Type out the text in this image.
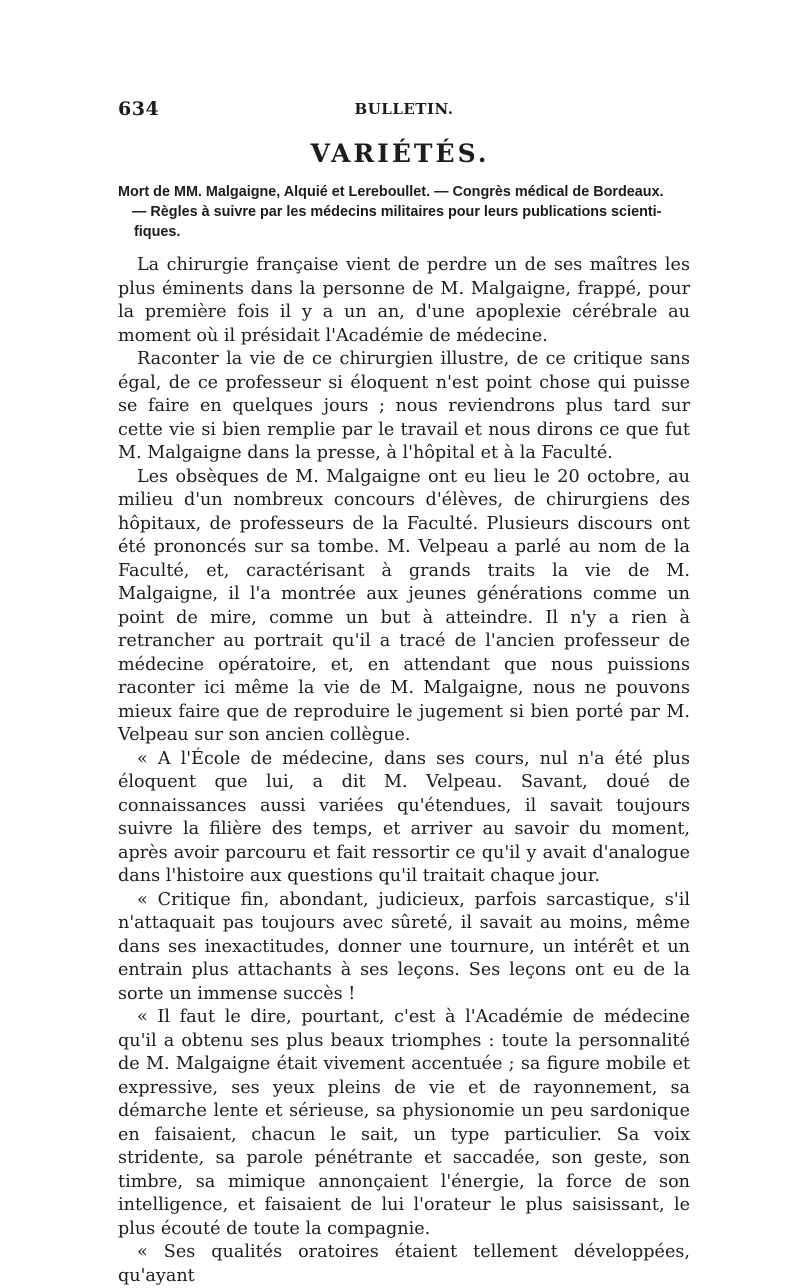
634	BULLETIN.
VARIÉTÉS.
Mort de MM. Malgaigne, Alquié et Lereboullet. — Congrès médical de Bordeaux.
— Règles à suivre par les médecins militaires pour leurs publications scienti-
fiques.

La chirurgie française vient de perdre un de ses maîtres les plus éminents dans la personne de M. Malgaigne, frappé, pour la première fois il y a un an, d'une apoplexie cérébrale au moment où il présidait l'Académie de médecine.

Raconter la vie de ce chirurgien illustre, de ce critique sans égal, de ce professeur si éloquent n'est point chose qui puisse se faire en quelques jours ; nous reviendrons plus tard sur cette vie si bien remplie par le travail et nous dirons ce que fut M. Malgaigne dans la presse, à l'hôpital et à la Faculté.

Les obsèques de M. Malgaigne ont eu lieu le 20 octobre, au milieu d'un nombreux concours d'élèves, de chirurgiens des hôpitaux, de professeurs de la Faculté. Plusieurs discours ont été prononcés sur sa tombe. M. Velpeau a parlé au nom de la Faculté, et, caractérisant à grands traits la vie de M. Malgaigne, il l'a montrée aux jeunes générations comme un point de mire, comme un but à atteindre. Il n'y a rien à retrancher au portrait qu'il a tracé de l'ancien professeur de médecine opératoire, et, en attendant que nous puissions raconter ici même la vie de M. Malgaigne, nous ne pouvons mieux faire que de reproduire le jugement si bien porté par M. Velpeau sur son ancien collègue.

« A l'École de médecine, dans ses cours, nul n'a été plus éloquent que lui, a dit M. Velpeau. Savant, doué de connaissances aussi variées qu'étendues, il savait toujours suivre la filière des temps, et arriver au savoir du moment, après avoir parcouru et fait ressortir ce qu'il y avait d'analogue dans l'histoire aux questions qu'il traitait chaque jour.

« Critique fin, abondant, judicieux, parfois sarcastique, s'il n'attaquait pas toujours avec sûreté, il savait au moins, même dans ses inexactitudes, donner une tournure, un intérêt et un entrain plus attachants à ses leçons. Ses leçons ont eu de la sorte un immense succès !

« Il faut le dire, pourtant, c'est à l'Académie de médecine qu'il a obtenu ses plus beaux triomphes : toute la personnalité de M. Malgaigne était vivement accentuée ; sa figure mobile et expressive, ses yeux pleins de vie et de rayonnement, sa démarche lente et sérieuse, sa physionomie un peu sardonique en faisaient, chacun le sait, un type particulier. Sa voix stridente, sa parole pénétrante et saccadée, son geste, son timbre, sa mimique annonçaient l'énergie, la force de son intelligence, et faisaient de lui l'orateur le plus saisissant, le plus écouté de toute la compagnie.

« Ses qualités oratoires étaient tellement développées, qu'ayant
